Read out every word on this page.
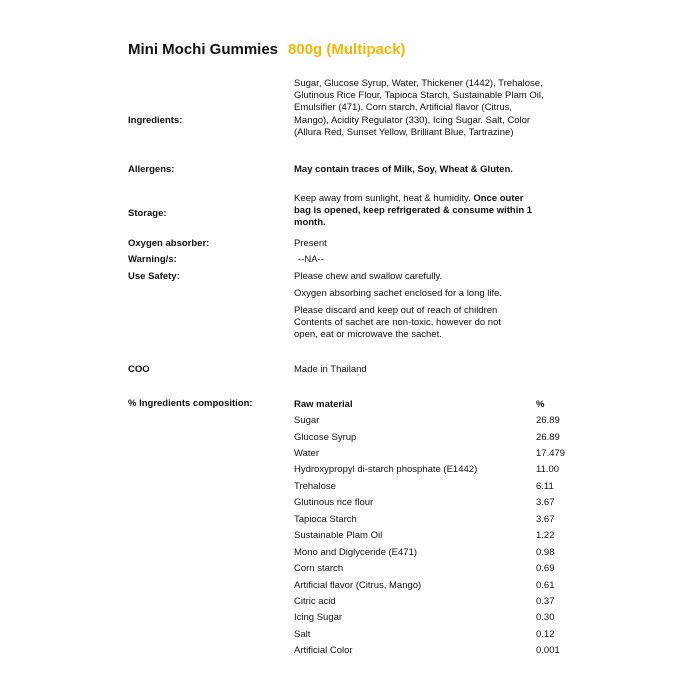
Mini Mochi Gummies 800g (Multipack)
Ingredients:
Sugar, Glucose Syrup, Water, Thickener (1442), Trehalose, Glutinous Rice Flour, Tapioca Starch, Sustainable Plam Oil, Emulsifier (471), Corn starch, Artificial flavor (Citrus, Mango), Acidity Regulator (330), Icing Sugar. Salt, Color (Allura Red, Sunset Yellow, Brilliant Blue, Tartrazine)
Allergens:	May contain traces of Milk, Soy, Wheat & Gluten.
Storage:
Keep away from sunlight, heat & humidity. Once outer bag is opened, keep refrigerated & consume within 1 month.
Oxygen absorber:	Present
Warning/s:	--NA--
Use Safety:	Please chew and swallow carefully.
Oxygen absorbing sachet enclosed for a long life.
Please discard and keep out of reach of children Contents of sachet are non-toxic, however do not open, eat or microwave the sachet.
COO	Made in Thailand
% Ingredients composition:	Raw material	%
Sugar	26.89
Glucose Syrup	26.89
Water	17.479
Hydroxypropyl di-starch phosphate (E1442)	11.00
Trehalose	6.11
Glutinous rice flour	3.67
Tapioca Starch	3.67
Sustainable Plam Oil	1.22
Mono and Diglyceride (E471)	0.98
Corn starch	0.69
Artificial flavor (Citrus, Mango)	0.61
Citric acid	0.37
Icing Sugar	0.30
Salt	0.12
Artificial Color	0.001
